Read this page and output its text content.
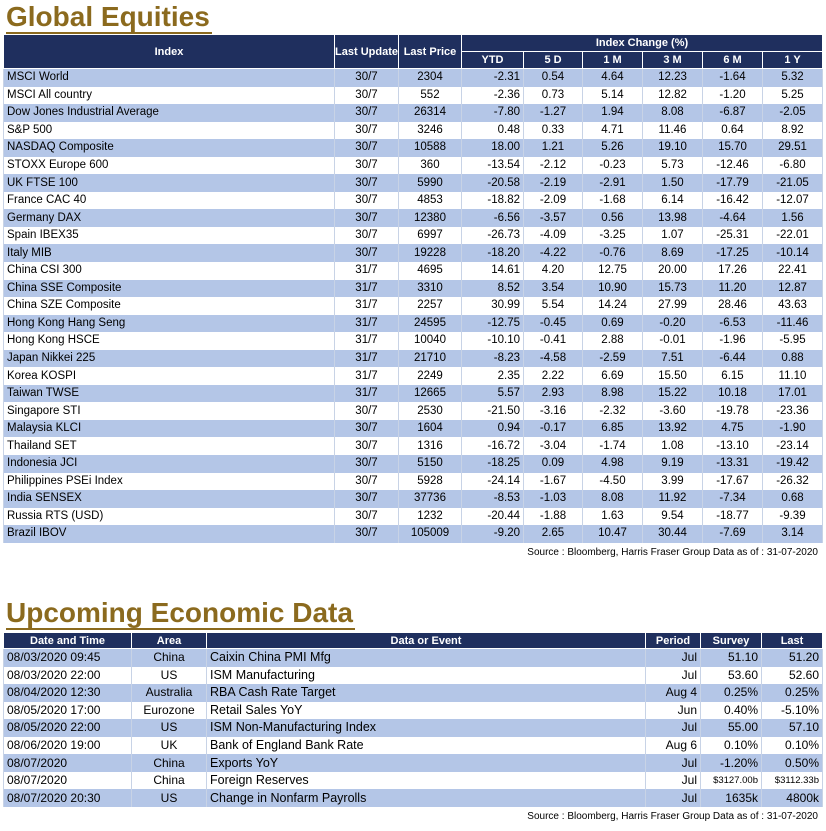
Global Equities
Index	Last Update	Last Price	Index Change (%)					
			YTD	5 D	1 M	3 M	6 M	1 Y
MSCI World	30/7	2304	-2.31	0.54	4.64	12.23	-1.64	5.32
MSCI All country	30/7	552	-2.36	0.73	5.14	12.82	-1.20	5.25
Dow Jones Industrial Average	30/7	26314	-7.80	-1.27	1.94	8.08	-6.87	-2.05
S&P 500	30/7	3246	0.48	0.33	4.71	11.46	0.64	8.92
NASDAQ Composite	30/7	10588	18.00	1.21	5.26	19.10	15.70	29.51
STOXX Europe 600	30/7	360	-13.54	-2.12	-0.23	5.73	-12.46	-6.80
UK FTSE 100	30/7	5990	-20.58	-2.19	-2.91	1.50	-17.79	-21.05
France CAC 40	30/7	4853	-18.82	-2.09	-1.68	6.14	-16.42	-12.07
Germany DAX	30/7	12380	-6.56	-3.57	0.56	13.98	-4.64	1.56
Spain IBEX35	30/7	6997	-26.73	-4.09	-3.25	1.07	-25.31	-22.01
Italy MIB	30/7	19228	-18.20	-4.22	-0.76	8.69	-17.25	-10.14
China CSI 300	31/7	4695	14.61	4.20	12.75	20.00	17.26	22.41
China SSE Composite	31/7	3310	8.52	3.54	10.90	15.73	11.20	12.87
China SZE Composite	31/7	2257	30.99	5.54	14.24	27.99	28.46	43.63
Hong Kong Hang Seng	31/7	24595	-12.75	-0.45	0.69	-0.20	-6.53	-11.46
Hong Kong HSCE	31/7	10040	-10.10	-0.41	2.88	-0.01	-1.96	-5.95
Japan Nikkei 225	31/7	21710	-8.23	-4.58	-2.59	7.51	-6.44	0.88
Korea KOSPI	31/7	2249	2.35	2.22	6.69	15.50	6.15	11.10
Taiwan TWSE	31/7	12665	5.57	2.93	8.98	15.22	10.18	17.01
Singapore STI	30/7	2530	-21.50	-3.16	-2.32	-3.60	-19.78	-23.36
Malaysia KLCI	30/7	1604	0.94	-0.17	6.85	13.92	4.75	-1.90
Thailand SET	30/7	1316	-16.72	-3.04	-1.74	1.08	-13.10	-23.14
Indonesia JCI	30/7	5150	-18.25	0.09	4.98	9.19	-13.31	-19.42
Philippines PSEi Index	30/7	5928	-24.14	-1.67	-4.50	3.99	-17.67	-26.32
India SENSEX	30/7	37736	-8.53	-1.03	8.08	11.92	-7.34	0.68
Russia RTS (USD)	30/7	1232	-20.44	-1.88	1.63	9.54	-18.77	-9.39
Brazil IBOV	30/7	105009	-9.20	2.65	10.47	30.44	-7.69	3.14
Source : Bloomberg, Harris Fraser Group Data as of : 31-07-2020
Upcoming Economic Data
Date and Time	Area	Data or Event	Period	Survey	Last
08/03/2020 09:45	China	Caixin China PMI Mfg	Jul	51.10	51.20
08/03/2020 22:00	US	ISM Manufacturing	Jul	53.60	52.60
08/04/2020 12:30	Australia	RBA Cash Rate Target	Aug 4	0.25%	0.25%
08/05/2020 17:00	Eurozone	Retail Sales YoY	Jun	0.40%	-5.10%
08/05/2020 22:00	US	ISM Non-Manufacturing Index	Jul	55.00	57.10
08/06/2020 19:00	UK	Bank of England Bank Rate	Aug 6	0.10%	0.10%
08/07/2020	China	Exports YoY	Jul	-1.20%	0.50%
08/07/2020	China	Foreign Reserves	Jul	$3127.00b	$3112.33b
08/07/2020 20:30	US	Change in Nonfarm Payrolls	Jul	1635k	4800k
Source : Bloomberg, Harris Fraser Group Data as of : 31-07-2020
